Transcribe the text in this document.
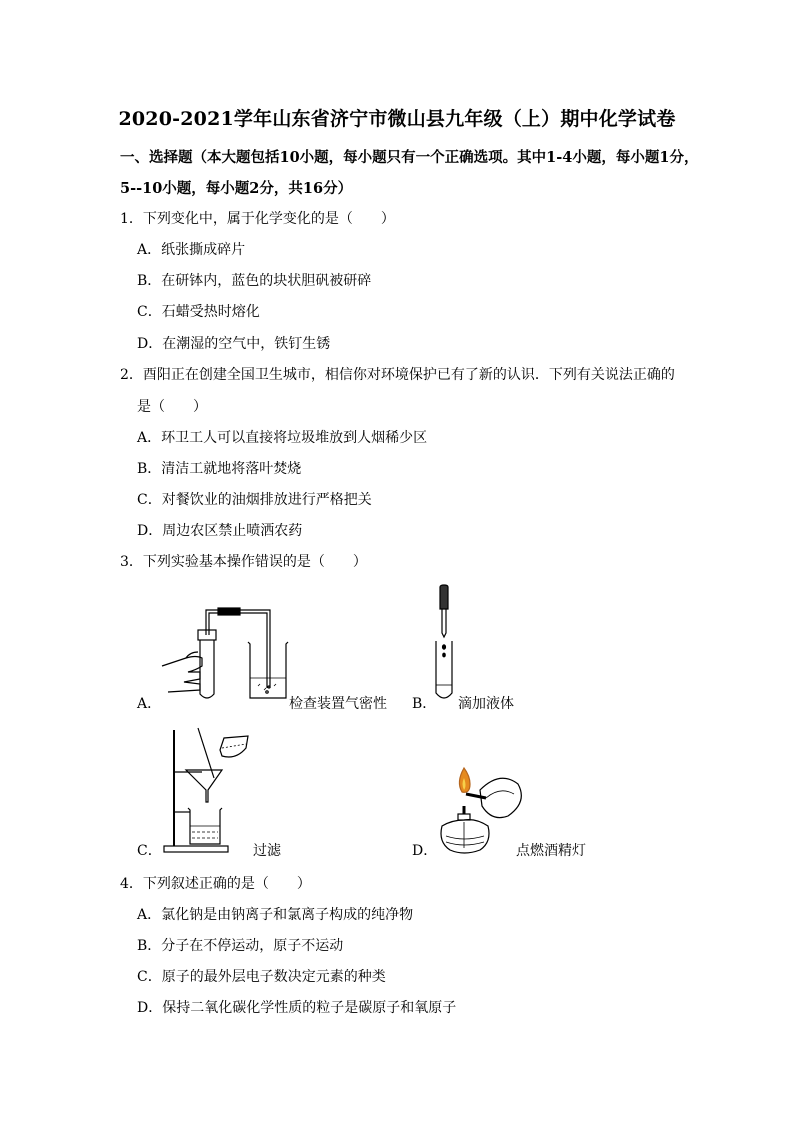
2020-2021学年山东省济宁市微山县九年级（上）期中化学试卷
一、选择题（本大题包括10小题，每小题只有一个正确选项。其中1-4小题，每小题1分，
5--10小题，每小题2分，共16分）
1．下列变化中，属于化学变化的是（　　）
A．纸张撕成碎片
B．在研钵内，蓝色的块状胆矾被研碎
C．石蜡受热时熔化
D．在潮湿的空气中，铁钉生锈
2．酉阳正在创建全国卫生城市，相信你对环境保护已有了新的认识．下列有关说法正确的
是（　　）
A．环卫工人可以直接将垃圾堆放到人烟稀少区
B．清洁工就地将落叶焚烧
C．对餐饮业的油烟排放进行严格把关
D．周边农区禁止喷洒农药
3．下列实验基本操作错误的是（　　）
A．	检查装置气密性 B． 滴加液体
C．	过滤	D．	点燃酒精灯
4．下列叙述正确的是（　　）
A．氯化钠是由钠离子和氯离子构成的纯净物
B．分子在不停运动，原子不运动
C．原子的最外层电子数决定元素的种类
D．保持二氧化碳化学性质的粒子是碳原子和氧原子
